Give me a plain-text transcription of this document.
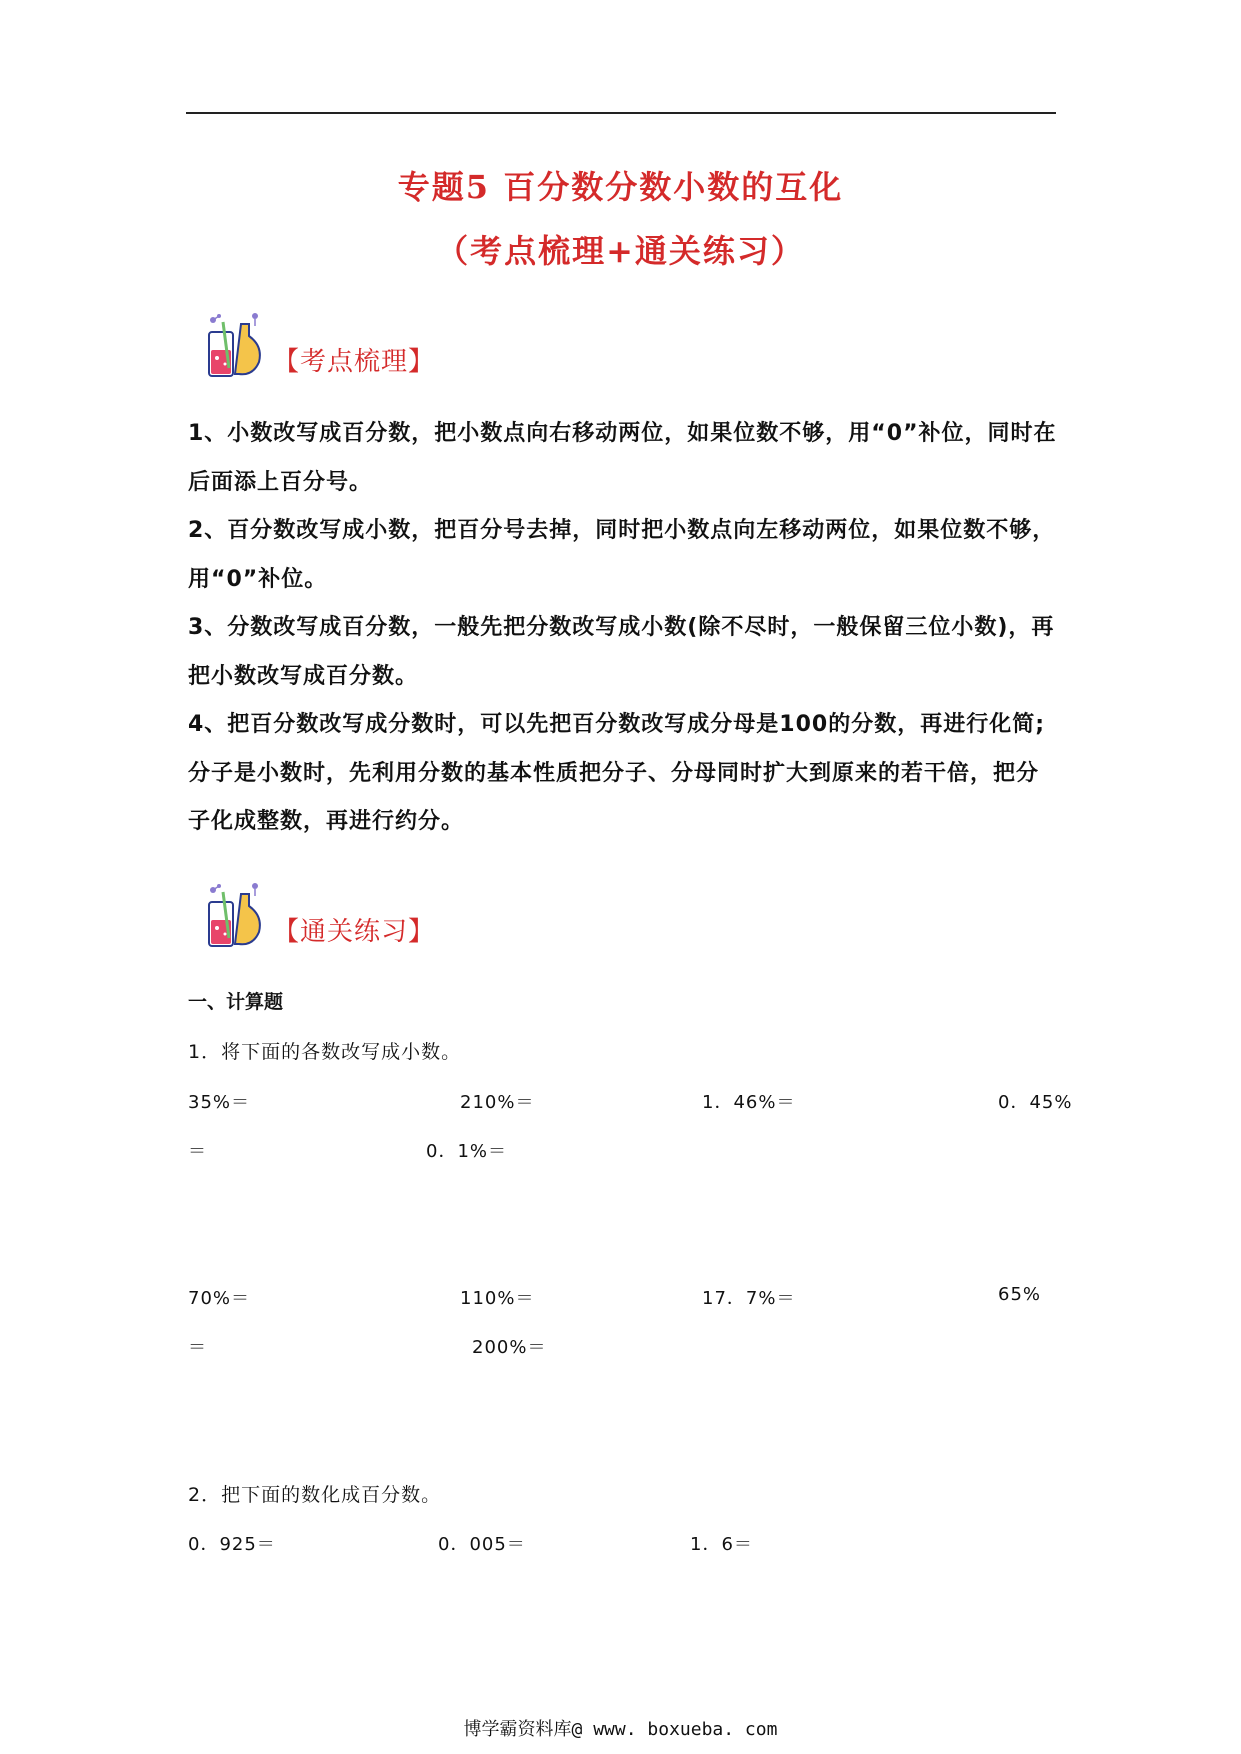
专题5 百分数分数小数的互化
（考点梳理+通关练习）
【考点梳理】

1、小数改写成百分数，把小数点向右移动两位，如果位数不够，用“0”补位，同时在后面添上百分号。

2、百分数改写成小数，把百分号去掉，同时把小数点向左移动两位，如果位数不够，用“0”补位。

3、分数改写成百分数，一般先把分数改写成小数(除不尽时，一般保留三位小数)，再把小数改写成百分数。

4、把百分数改写成分数时，可以先把百分数改写成分母是100的分数，再进行化简;分子是小数时，先利用分数的基本性质把分子、分母同时扩大到原来的若干倍，把分子化成整数，再进行约分。

【通关练习】
一、计算题
1．将下面的各数改写成小数。
35%＝	210%＝	1．46%＝	0．45%
＝	0．1%＝
70%＝	110%＝	17．7%＝	65%
＝	200%＝
2．把下面的数化成百分数。
0．925＝	0．005＝	1．6＝
博学霸资料库@ www. boxueba. com
